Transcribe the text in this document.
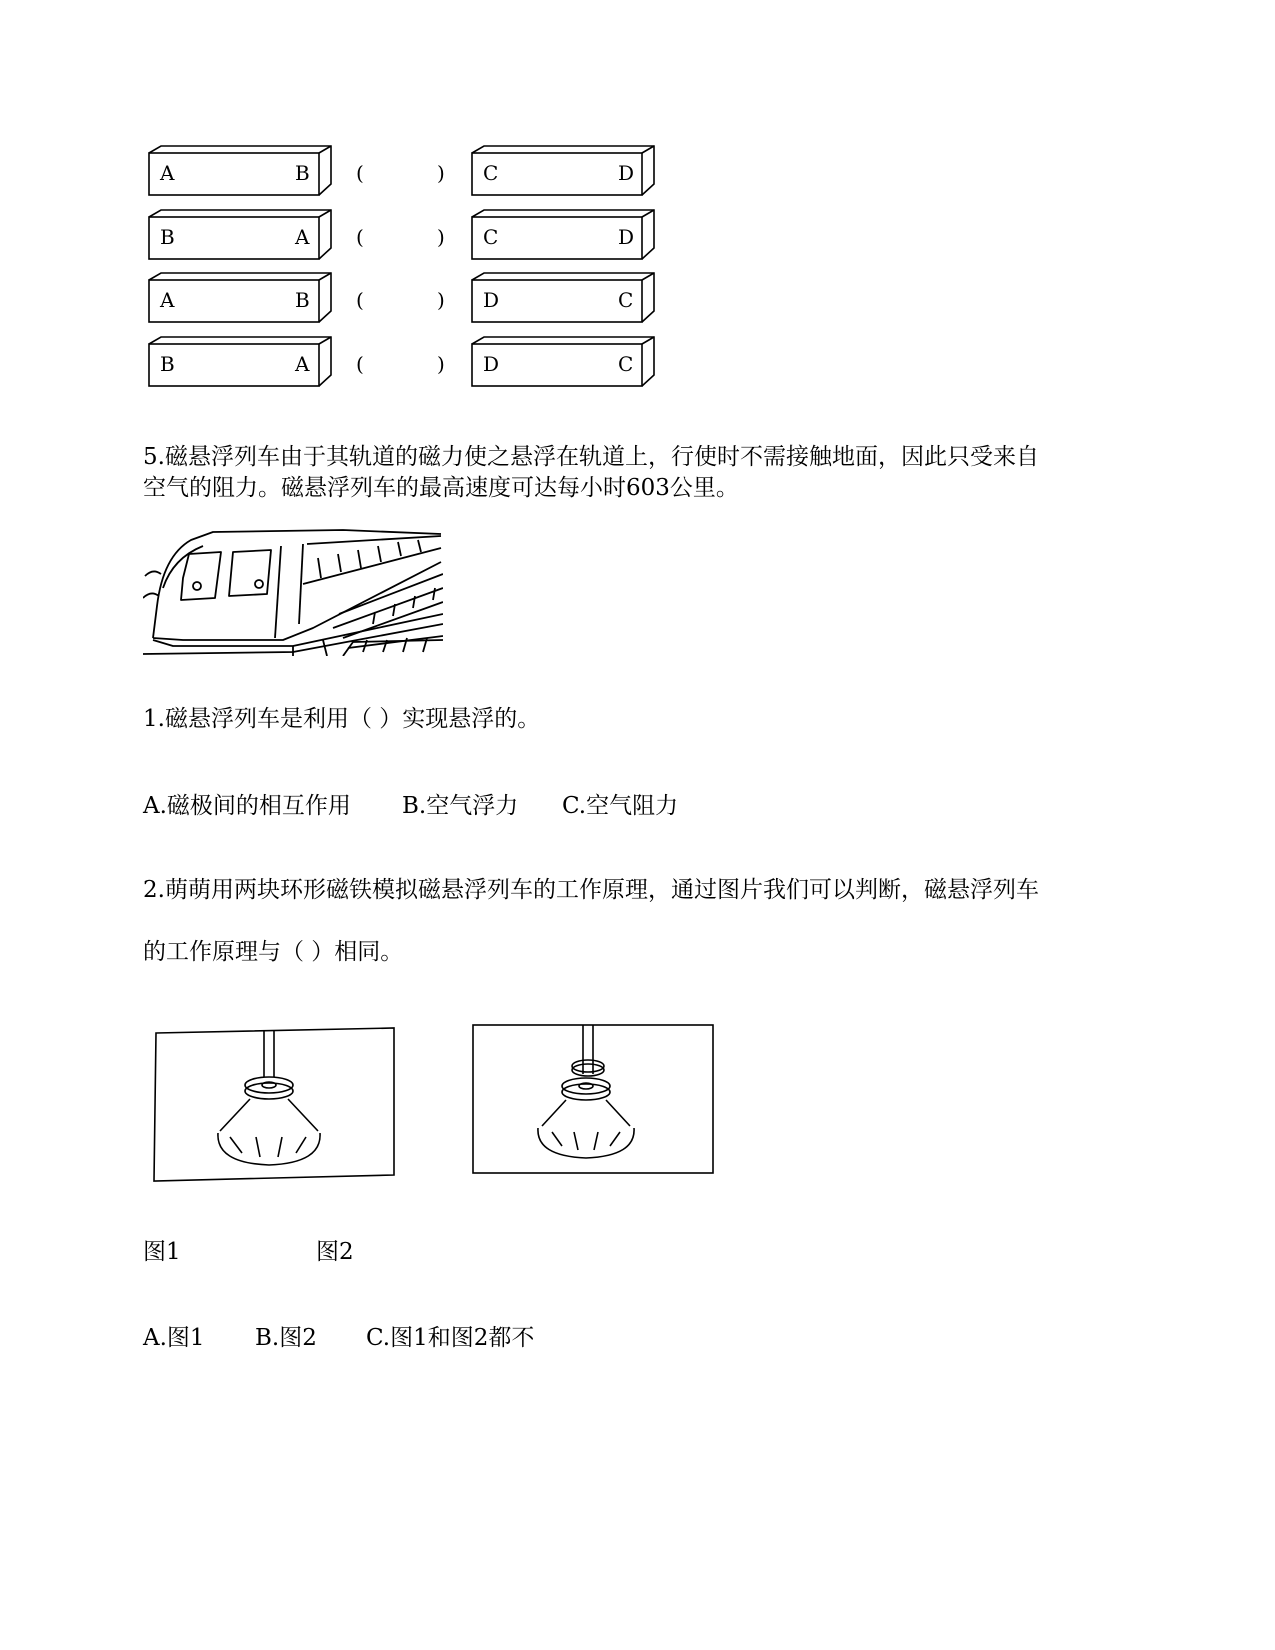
A	B (	) C	D
B	A (	) C	D
A	B (	) D	C
B	A (	) D	C
5.磁悬浮列车由于其轨道的磁力使之悬浮在轨道上，行使时不需接触地面，因此只受来自
空气的阻力。磁悬浮列车的最高速度可达每小时603公里。
1.磁悬浮列车是利用（ ）实现悬浮的。
A.磁极间的相互作用 B.空气浮力 C.空气阻力
2.萌萌用两块环形磁铁模拟磁悬浮列车的工作原理，通过图片我们可以判断，磁悬浮列车
的工作原理与（ ）相同。
图1	图2
A.图1 B.图2 C.图1和图2都不
